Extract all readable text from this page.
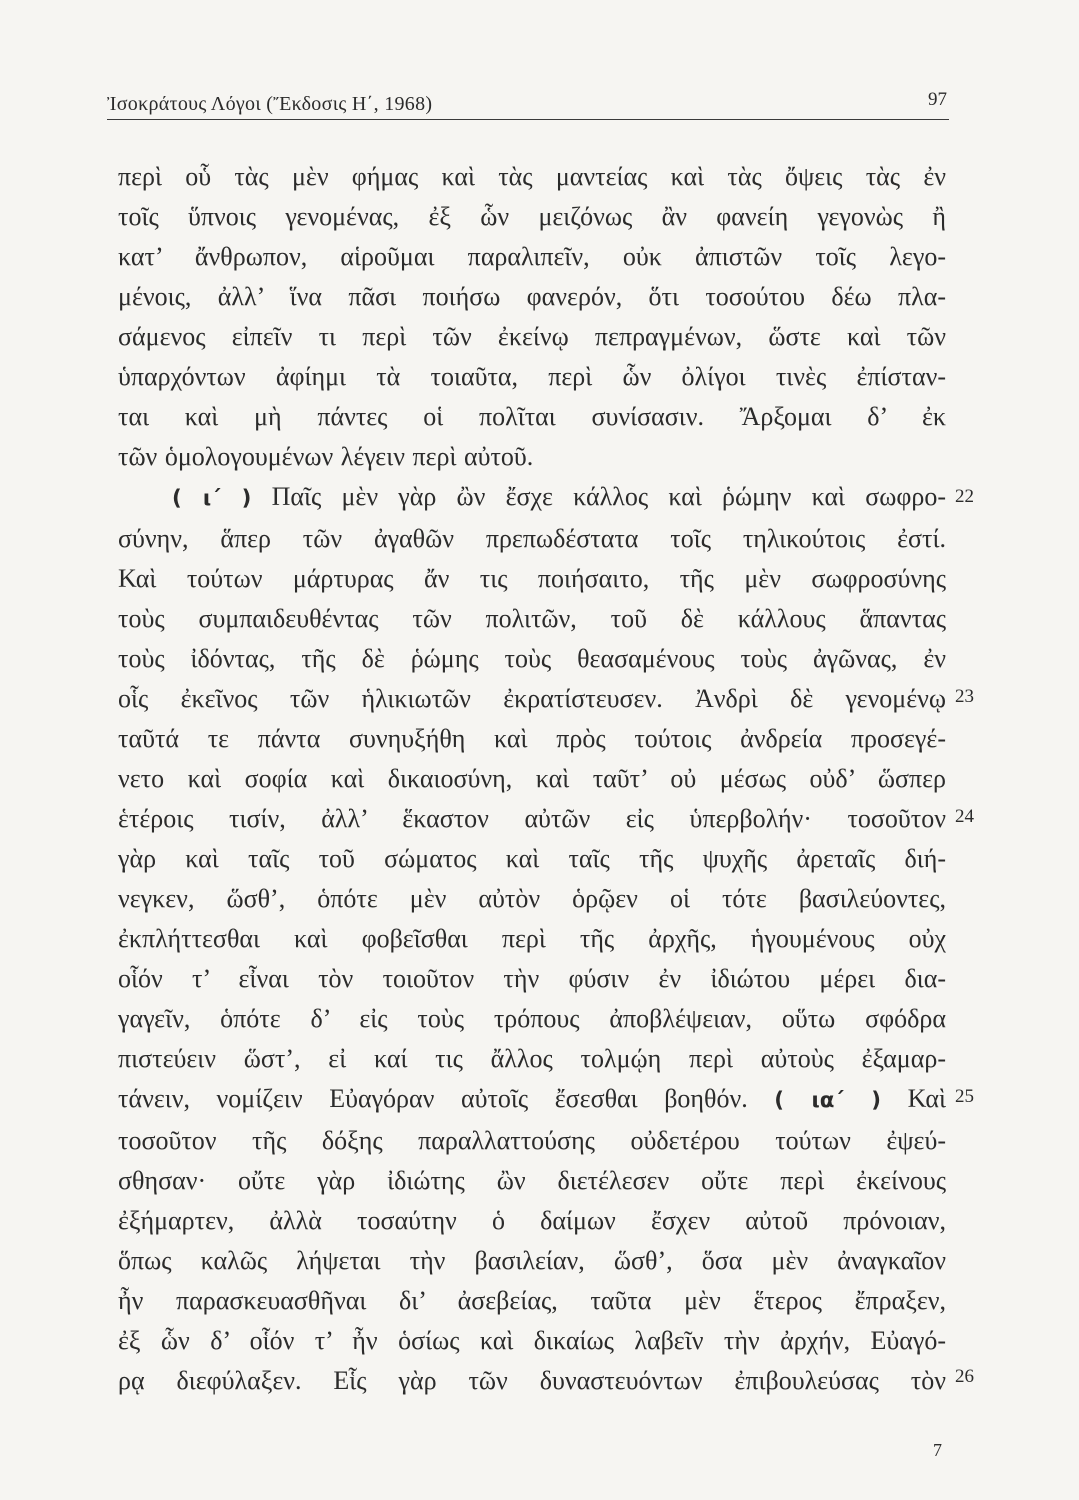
Ἰσοκράτους Λόγοι (Ἔκδοσις Η΄, 1968)	97
περὶ οὗ τὰς μὲν φήμας καὶ τὰς μαντείας καὶ τὰς ὄψεις τὰς ἐν
τοῖς ὕπνοις γενομένας, ἐξ ὧν μειζόνως ἂν φανείη γεγονὼς ἢ
κατ’ ἄνθρωπον, αἱροῦμαι παραλιπεῖν, οὐκ ἀπιστῶν τοῖς λεγο-
μένοις, ἀλλ’ ἵνα πᾶσι ποιήσω φανερόν, ὅτι τοσούτου δέω πλα-
σάμενος εἰπεῖν τι περὶ τῶν ἐκείνῳ πεπραγμένων, ὥστε καὶ τῶν
ὑπαρχόντων ἀφίημι τὰ τοιαῦτα, περὶ ὧν ὀλίγοι τινὲς ἐπίσταν-
ται καὶ μὴ πάντες οἱ πολῖται συνίσασιν. Ἄρξομαι δ’ ἐκ
τῶν ὁμολογουμένων λέγειν περὶ αὐτοῦ.
( ι΄ ) Παῖς μὲν γὰρ ὢν ἔσχε κάλλος καὶ ῥώμην καὶ σωφρο-
σύνην, ἅπερ τῶν ἀγαθῶν πρεπωδέστατα τοῖς τηλικούτοις ἐστί.
Καὶ τούτων μάρτυρας ἄν τις ποιήσαιτο, τῆς μὲν σωφροσύνης
τοὺς συμπαιδευθέντας τῶν πολιτῶν, τοῦ δὲ κάλλους ἅπαντας
τοὺς ἰδόντας, τῆς δὲ ῥώμης τοὺς θεασαμένους τοὺς ἀγῶνας, ἐν
οἷς ἐκεῖνος τῶν ἡλικιωτῶν ἐκρατίστευσεν. Ἀνδρὶ δὲ γενομένῳ
ταῦτά τε πάντα συνηυξήθη καὶ πρὸς τούτοις ἀνδρεία προσεγέ-
νετο καὶ σοφία καὶ δικαιοσύνη, καὶ ταῦτ’ οὐ μέσως οὐδ’ ὥσπερ
ἑτέροις τισίν, ἀλλ’ ἕκαστον αὐτῶν εἰς ὑπερβολήν· τοσοῦτον
γὰρ καὶ ταῖς τοῦ σώματος καὶ ταῖς τῆς ψυχῆς ἀρεταῖς διή-
νεγκεν, ὥσθ’, ὁπότε μὲν αὐτὸν ὁρῷεν οἱ τότε βασιλεύοντες,
ἐκπλήττεσθαι καὶ φοβεῖσθαι περὶ τῆς ἀρχῆς, ἡγουμένους οὐχ
οἷόν τ’ εἶναι τὸν τοιοῦτον τὴν φύσιν ἐν ἰδιώτου μέρει δια-
γαγεῖν, ὁπότε δ’ εἰς τοὺς τρόπους ἀποβλέψειαν, οὕτω σφόδρα
πιστεύειν ὥστ’, εἰ καί τις ἄλλος τολμῴη περὶ αὐτοὺς ἐξαμαρ-
τάνειν, νομίζειν Εὐαγόραν αὐτοῖς ἔσεσθαι βοηθόν. ( ια΄ ) Καὶ
τοσοῦτον τῆς δόξης παραλλαττούσης οὐδετέρου τούτων ἐψεύ-
σθησαν· οὔτε γὰρ ἰδιώτης ὢν διετέλεσεν οὔτε περὶ ἐκείνους
ἐξήμαρτεν, ἀλλὰ τοσαύτην ὁ δαίμων ἔσχεν αὐτοῦ πρόνοιαν,
ὅπως καλῶς λήψεται τὴν βασιλείαν, ὥσθ’, ὅσα μὲν ἀναγκαῖον
ἦν παρασκευασθῆναι δι’ ἀσεβείας, ταῦτα μὲν ἕτερος ἔπραξεν,
ἐξ ὧν δ’ οἷόν τ’ ἦν ὁσίως καὶ δικαίως λαβεῖν τὴν ἀρχήν, Εὐαγό-
ρᾳ διεφύλαξεν. Εἷς γὰρ τῶν δυναστευόντων ἐπιβουλεύσας τὸν
22
23
24
25
26
7
